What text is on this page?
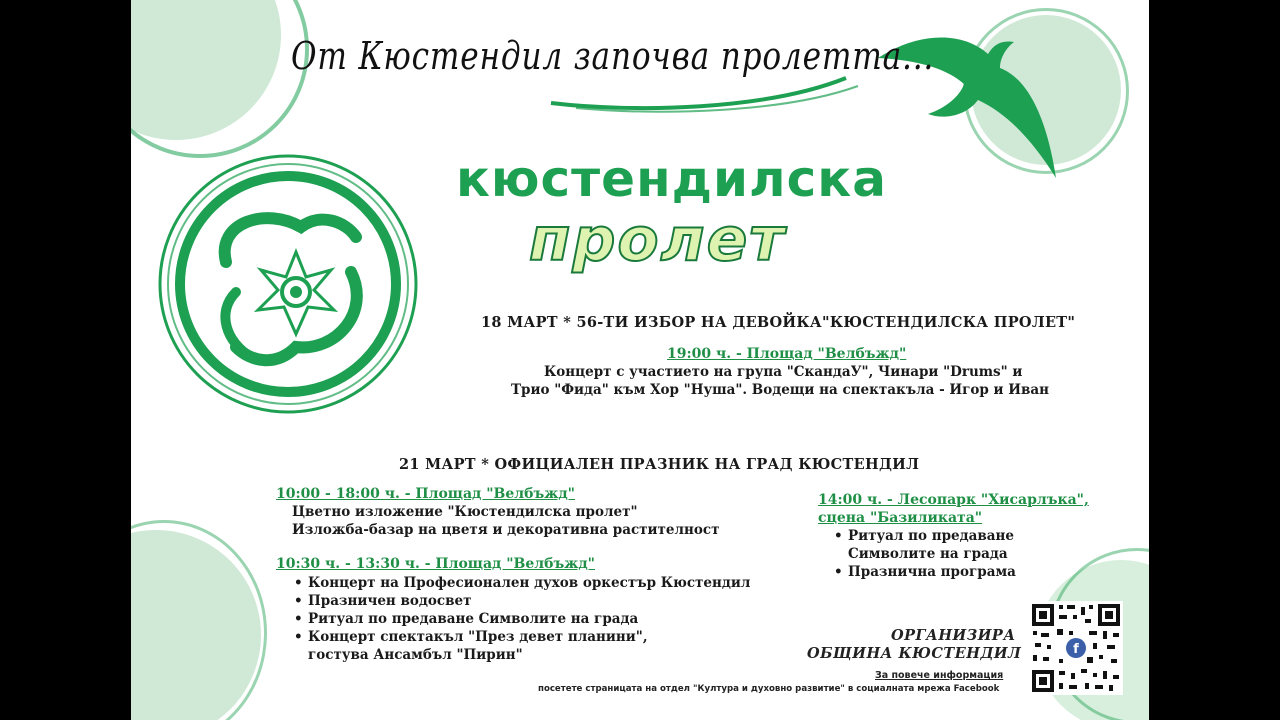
От Кюстендил започва пролетта...
кюстендилска
пролет
18 МАРТ * 56-ТИ ИЗБОР НА ДЕВОЙКА"КЮСТЕНДИЛСКА ПРОЛЕТ"
19:00 ч. - Площад "Велбъжд"
Концерт с участието на група "СкандаУ", Чинари "Drums" и
Трио "Фида" към Хор "Нуша". Водещи на спектакъла - Игор и Иван
21 МАРТ * ОФИЦИАЛЕН ПРАЗНИК НА ГРАД КЮСТЕНДИЛ
10:00 - 18:00 ч. - Площад "Велбъжд"
Цветно изложение "Кюстендилска пролет"
Изложба-базар на цветя и декоративна растителност
10:30 ч. - 13:30 ч. - Площад "Велбъжд"
• Концерт на Професионален духов оркестър Кюстендил
• Празничен водосвет
• Ритуал по предаване Символите на града
• Концерт спектакъл "През девет планини",
гостува Ансамбъл "Пирин"
14:00 ч. - Лесопарк "Хисарлъка",
сцена "Базиликата"
• Ритуал по предаване
Символите на града
• Празнична програма
ОРГАНИЗИРА
ОБЩИНА КЮСТЕНДИЛ
За повече информация
посетете страницата на отдел "Култура и духовно развитие" в социалната мрежа Facebook
f
